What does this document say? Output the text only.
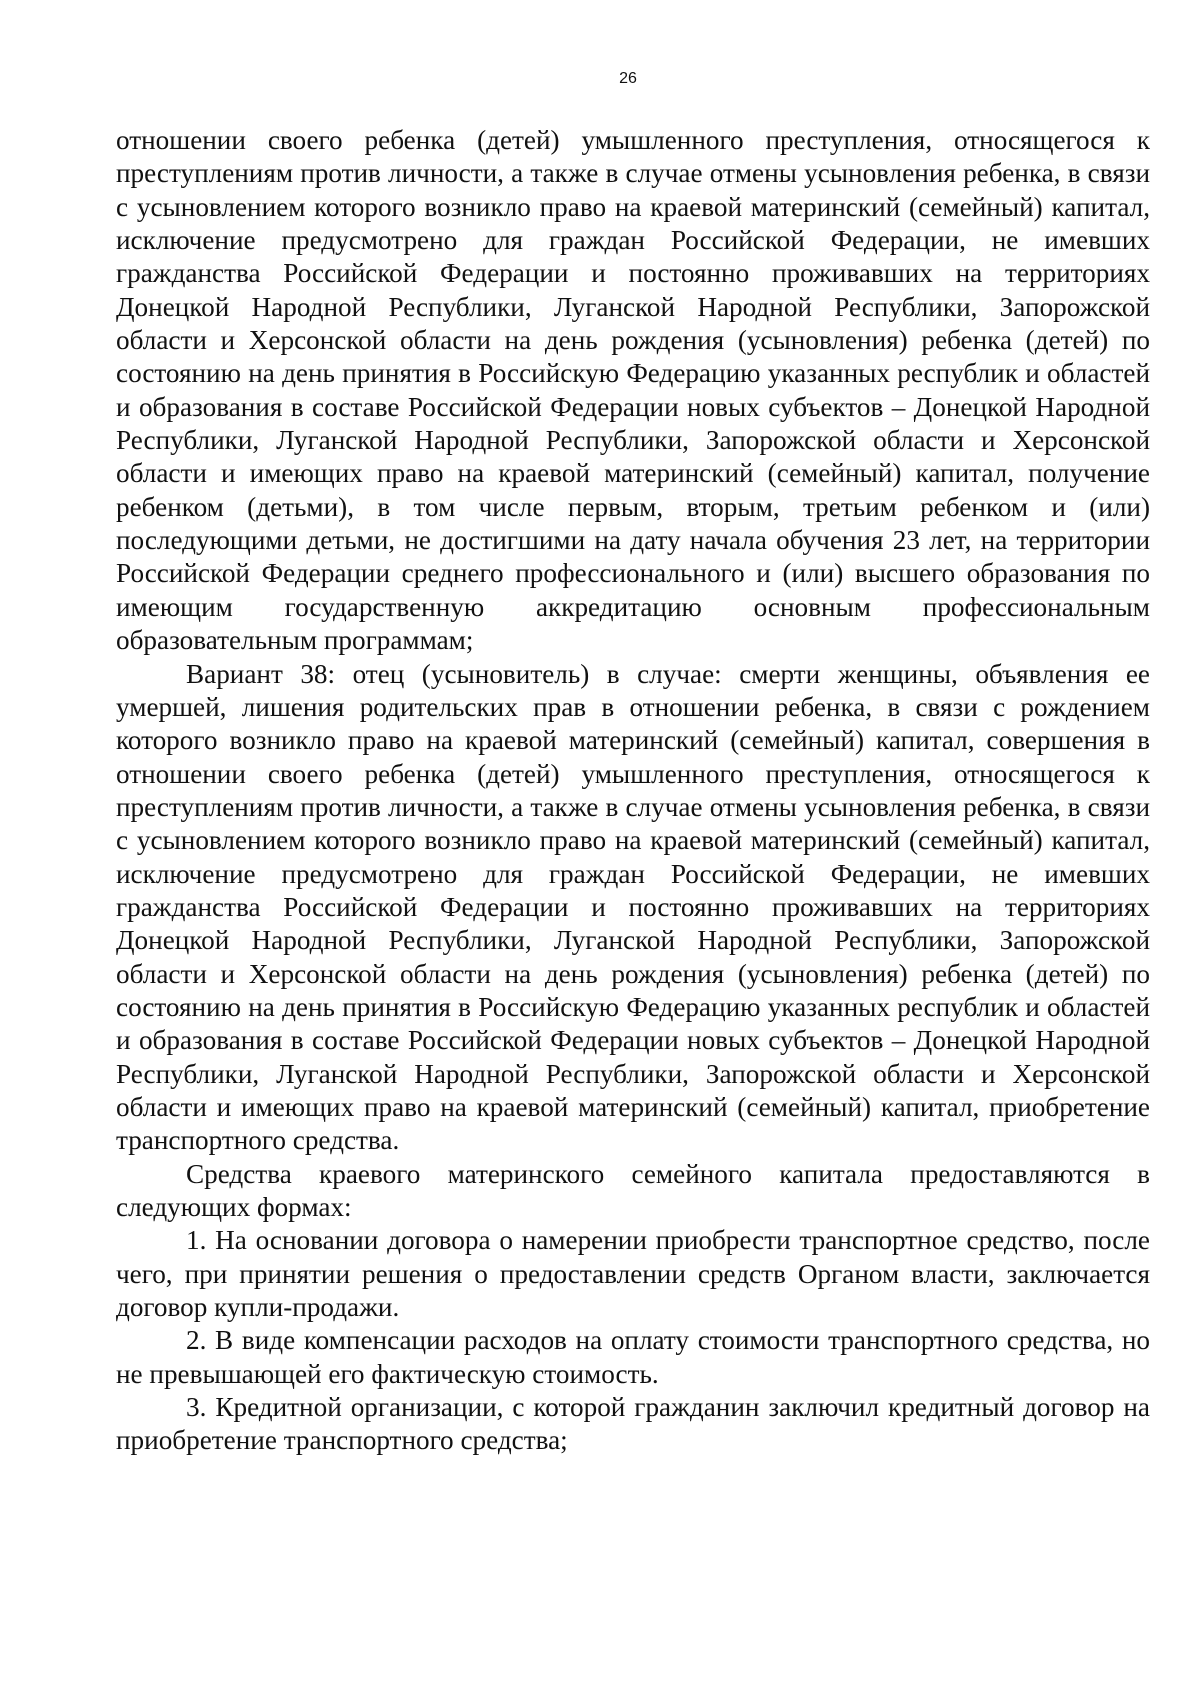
26

отношении своего ребенка (детей) умышленного преступления, относящегося к преступлениям против личности, а также в случае отмены усыновления ребенка, в связи с усыновлением которого возникло право на краевой материнский (семейный) капитал, исключение предусмотрено для граждан Российской Федерации, не имевших гражданства Российской Федерации и постоянно проживавших на территориях Донецкой Народной Республики, Луганской Народной Республики, Запорожской области и Херсонской области на день рождения (усыновления) ребенка (детей) по состоянию на день принятия в Российскую Федерацию указанных республик и областей и образования в составе Российской Федерации новых субъектов – Донецкой Народной Республики, Луганской Народной Республики, Запорожской области и Херсонской области и имеющих право на краевой материнский (семейный) капитал, получение ребенком (детьми), в том числе первым, вторым, третьим ребенком и (или) последующими детьми, не достигшими на дату начала обучения 23 лет, на территории Российской Федерации среднего профессионального и (или) высшего образования по имеющим государственную аккредитацию основным профессиональным образовательным программам;

Вариант 38: отец (усыновитель) в случае: смерти женщины, объявления ее умершей, лишения родительских прав в отношении ребенка, в связи с рождением которого возникло право на краевой материнский (семейный) капитал, совершения в отношении своего ребенка (детей) умышленного преступления, относящегося к преступлениям против личности, а также в случае отмены усыновления ребенка, в связи с усыновлением которого возникло право на краевой материнский (семейный) капитал, исключение предусмотрено для граждан Российской Федерации, не имевших гражданства Российской Федерации и постоянно проживавших на территориях Донецкой Народной Республики, Луганской Народной Республики, Запорожской области и Херсонской области на день рождения (усыновления) ребенка (детей) по состоянию на день принятия в Российскую Федерацию указанных республик и областей и образования в составе Российской Федерации новых субъектов – Донецкой Народной Республики, Луганской Народной Республики, Запорожской области и Херсонской области и имеющих право на краевой материнский (семейный) капитал, приобретение транспортного средства.

Средства краевого материнского семейного капитала предоставляются в следующих формах:

1. На основании договора о намерении приобрести транспортное средство, после чего, при принятии решения о предоставлении средств Органом власти, заключается договор купли-продажи.

2. В виде компенсации расходов на оплату стоимости транспортного средства, но не превышающей его фактическую стоимость.

3. Кредитной организации, с которой гражданин заключил кредитный договор на приобретение транспортного средства;
